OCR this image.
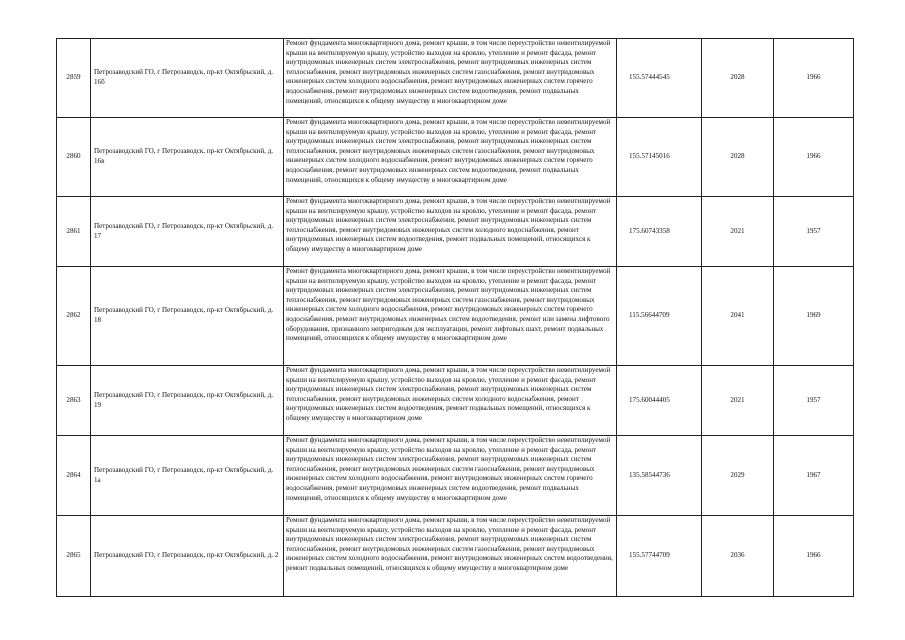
2859	Петрозаводский ГО, г Петрозаводск, пр-кт Октябрьский, д. 16б	Ремонт фундамента многоквартирного дома, ремонт крыши, в том числе переустройство невентилируемой крыши на вентилируемую крышу, устройство выходов на кровлю, утепление и ремонт фасада, ремонт внутридомовых инженерных систем электроснабжения, ремонт внутридомовых инженерных систем теплоснабжения, ремонт внутридомовых инженерных систем газоснабжения, ремонт внутридомовых инженерных систем холодного водоснабжения, ремонт внутридомовых инженерных систем горячего водоснабжения, ремонт внутридомовых инженерных систем водоотведения, ремонт подвальных помещений, относящихся к общему имуществу в многоквартирном доме	155.57444545	2028	1966
2860	Петрозаводский ГО, г Петрозаводск, пр-кт Октябрьский, д. 16в	Ремонт фундамента многоквартирного дома, ремонт крыши, в том числе переустройство невентилируемой крыши на вентилируемую крышу, устройство выходов на кровлю, утепление и ремонт фасада, ремонт внутридомовых инженерных систем электроснабжения, ремонт внутридомовых инженерных систем теплоснабжения, ремонт внутридомовых инженерных систем газоснабжения, ремонт внутридомовых инженерных систем холодного водоснабжения, ремонт внутридомовых инженерных систем горячего водоснабжения, ремонт внутридомовых инженерных систем водоотведения, ремонт подвальных помещений, относящихся к общему имуществу в многоквартирном доме	155.57145016	2028	1966
2861	Петрозаводский ГО, г Петрозаводск, пр-кт Октябрьский, д. 17	Ремонт фундамента многоквартирного дома, ремонт крыши, в том числе переустройство невентилируемой крыши на вентилируемую крышу, устройство выходов на кровлю, утепление и ремонт фасада, ремонт внутридомовых инженерных систем электроснабжения, ремонт внутридомовых инженерных систем теплоснабжения, ремонт внутридомовых инженерных систем холодного водоснабжения, ремонт внутридомовых инженерных систем водоотведения, ремонт подвальных помещений, относящихся к общему имуществу в многоквартирном доме	175.60743358	2021	1957
2862	Петрозаводский ГО, г Петрозаводск, пр-кт Октябрьский, д. 18	Ремонт фундамента многоквартирного дома, ремонт крыши, в том числе переустройство невентилируемой крыши на вентилируемую крышу, устройство выходов на кровлю, утепление и ремонт фасада, ремонт внутридомовых инженерных систем электроснабжения, ремонт внутридомовых инженерных систем теплоснабжения, ремонт внутридомовых инженерных систем газоснабжения, ремонт внутридомовых инженерных систем холодного водоснабжения, ремонт внутридомовых инженерных систем горячего водоснабжения, ремонт внутридомовых инженерных систем водоотведения, ремонт или замена лифтового оборудования, признанного непригодным для эксплуатации, ремонт лифтовых шахт, ремонт подвальных помещений, относящихся к общему имуществу в многоквартирном доме	115.56644709	2041	1969
2863	Петрозаводский ГО, г Петрозаводск, пр-кт Октябрьский, д. 19	Ремонт фундамента многоквартирного дома, ремонт крыши, в том числе переустройство невентилируемой крыши на вентилируемую крышу, устройство выходов на кровлю, утепление и ремонт фасада, ремонт внутридомовых инженерных систем электроснабжения, ремонт внутридомовых инженерных систем теплоснабжения, ремонт внутридомовых инженерных систем холодного водоснабжения, ремонт внутридомовых инженерных систем водоотведения, ремонт подвальных помещений, относящихся к общему имуществу в многоквартирном доме	175.60044405	2021	1957
2864	Петрозаводский ГО, г Петрозаводск, пр-кт Октябрьский, д. 1а	Ремонт фундамента многоквартирного дома, ремонт крыши, в том числе переустройство невентилируемой крыши на вентилируемую крышу, устройство выходов на кровлю, утепление и ремонт фасада, ремонт внутридомовых инженерных систем электроснабжения, ремонт внутридомовых инженерных систем теплоснабжения, ремонт внутридомовых инженерных систем газоснабжения, ремонт внутридомовых инженерных систем холодного водоснабжения, ремонт внутридомовых инженерных систем горячего водоснабжения, ремонт внутридомовых инженерных систем водоотведения, ремонт подвальных помещений, относящихся к общему имуществу в многоквартирном доме	135.58544736	2029	1967
2865	Петрозаводский ГО, г Петрозаводск, пр-кт Октябрьский, д. 2	Ремонт фундамента многоквартирного дома, ремонт крыши, в том числе переустройство невентилируемой крыши на вентилируемую крышу, устройство выходов на кровлю, утепление и ремонт фасада, ремонт внутридомовых инженерных систем электроснабжения, ремонт внутридомовых инженерных систем теплоснабжения, ремонт внутридомовых инженерных систем газоснабжения, ремонт внутридомовых инженерных систем холодного водоснабжения, ремонт внутридомовых инженерных систем водоотведения, ремонт подвальных помещений, относящихся к общему имуществу в многоквартирном доме	155.57744709	2036	1966
